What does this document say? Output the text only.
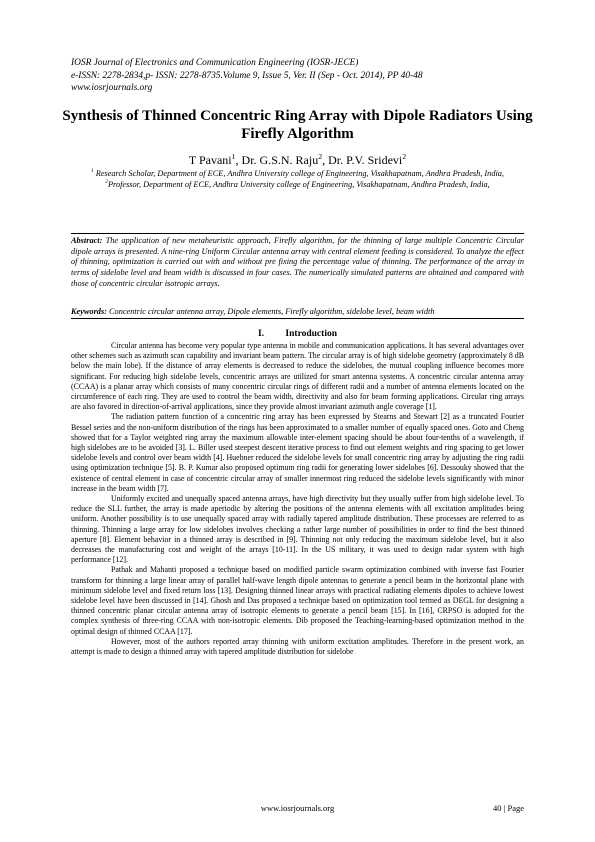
IOSR Journal of Electronics and Communication Engineering (IOSR-JECE)
e-ISSN: 2278-2834,p- ISSN: 2278-8735.Volume 9, Issue 5, Ver. II (Sep - Oct. 2014), PP 40-48
www.iosrjournals.org
Synthesis of Thinned Concentric Ring Array with Dipole Radiators Using Firefly Algorithm
T Pavani$^1$, Dr. G.S.N. Raju$^2$, Dr. P.V. Sridevi$^2$
$^1$ Research Scholar, Department of ECE, Andhra University college of Engineering, Visakhapatnam, Andhra Pradesh, India,
$^2$Professor, Department of ECE, Andhra University college of Engineering, Visakhapatnam, Andhra Pradesh, India,
Abstract: The application of new metaheuristic approach, Firefly algorithm, for the thinning of large multiple Concentric Circular dipole arrays is presented. A nine-ring Uniform Circular antenna array with central element feeding is considered. To analyze the effect of thinning, optimization is carried out with and without pre fixing the percentage value of thinning. The performance of the array in terms of sidelobe level and beam width is discussed in four cases. The numerically simulated patterns are obtained and compared with those of concentric circular isotropic arrays.
Keywords: Concentric circular antenna array, Dipole elements, Firefly algorithm, sidelobe level, beam width
I.         Introduction

Circular antenna has become very popular type antenna in mobile and communication applications. It has several advantages over other schemes such as azimuth scan capability and invariant beam pattern. The circular array is of high sidelobe geometry (approximately 8 dB below the main lobe). If the distance of array elements is decreased to reduce the sidelobes, the mutual coupling influence becomes more significant. For reducing high sidelobe levels, concentric arrays are utilized for smart antenna systems. A concentric circular antenna array (CCAA) is a planar array which consists of many concentric circular rings of different radii and a number of antenna elements located on the circumference of each ring. They are used to control the beam width, directivity and also for beam forming applications. Circular ring arrays are also favored in direction-of-arrival applications, since they provide almost invariant azimuth angle coverage [1].

The radiation pattern function of a concentric ring array has been expressed by Stearns and Stewart [2] as a truncated Fourier Bessel series and the non-uniform distribution of the rings has been approximated to a smaller number of equally spaced ones. Goto and Cheng showed that for a Taylor weighted ring array the maximum allowable inter-element spacing should be about four-tenths of a wavelength, if high sidelobes are to be avoided [3]. L. Biller used steepest descent iterative process to find out element weights and ring spacing to get lower sidelobe levels and control over beam width [4]. Huebner reduced the sidelobe levels for small concentric ring array by adjusting the ring radii using optimization technique [5]. B. P. Kumar also proposed optimum ring radii for generating lower sidelobes [6]. Dessouky showed that the existence of central element in case of concentric circular array of smaller innermost ring reduced the sidelobe levels significantly with minor increase in the beam width [7].

Uniformly excited and unequally spaced antenna arrays, have high directivity but they usually suffer from high sidelobe level. To reduce the SLL further, the array is made aperiodic by altering the positions of the antenna elements with all excitation amplitudes being uniform. Another possibility is to use unequally spaced array with radially tapered amplitude distribution. These processes are referred to as thinning. Thinning a large array for low sidelobes involves checking a rather large number of possibilities in order to find the best thinned aperture [8]. Element behavior in a thinned array is described in [9]. Thinning not only reducing the maximum sidelobe level, but it also decreases the manufacturing cost and weight of the arrays [10-11]. In the US military, it was used to design radar system with high performance [12].

Pathak and Mahanti proposed a technique based on modified particle swarm optimization combined with inverse fast Fourier transform for thinning a large linear array of parallel half-wave length dipole antennas to generate a pencil beam in the horizontal plane with minimum sidelobe level and fixed return loss [13]. Designing thinned linear arrays with practical radiating elements dipoles to achieve lowest sidelobe level have been discussed in [14]. Ghosh and Das proposed a technique based on optimization tool termed as DEGL for designing a thinned concentric planar circular antenna array of isotropic elements to generate a pencil beam [15]. In [16], CRPSO is adopted for the complex synthesis of three-ring CCAA with non-isotropic elements. Dib proposed the Teaching-learning-based optimization method in the optimal design of thinned CCAA [17].

However, most of the authors reported array thinning with uniform excitation amplitudes. Therefore in the present work, an attempt is made to design a thinned array with tapered amplitude distribution for sidelobe

www.iosrjournals.org	40 | Page
